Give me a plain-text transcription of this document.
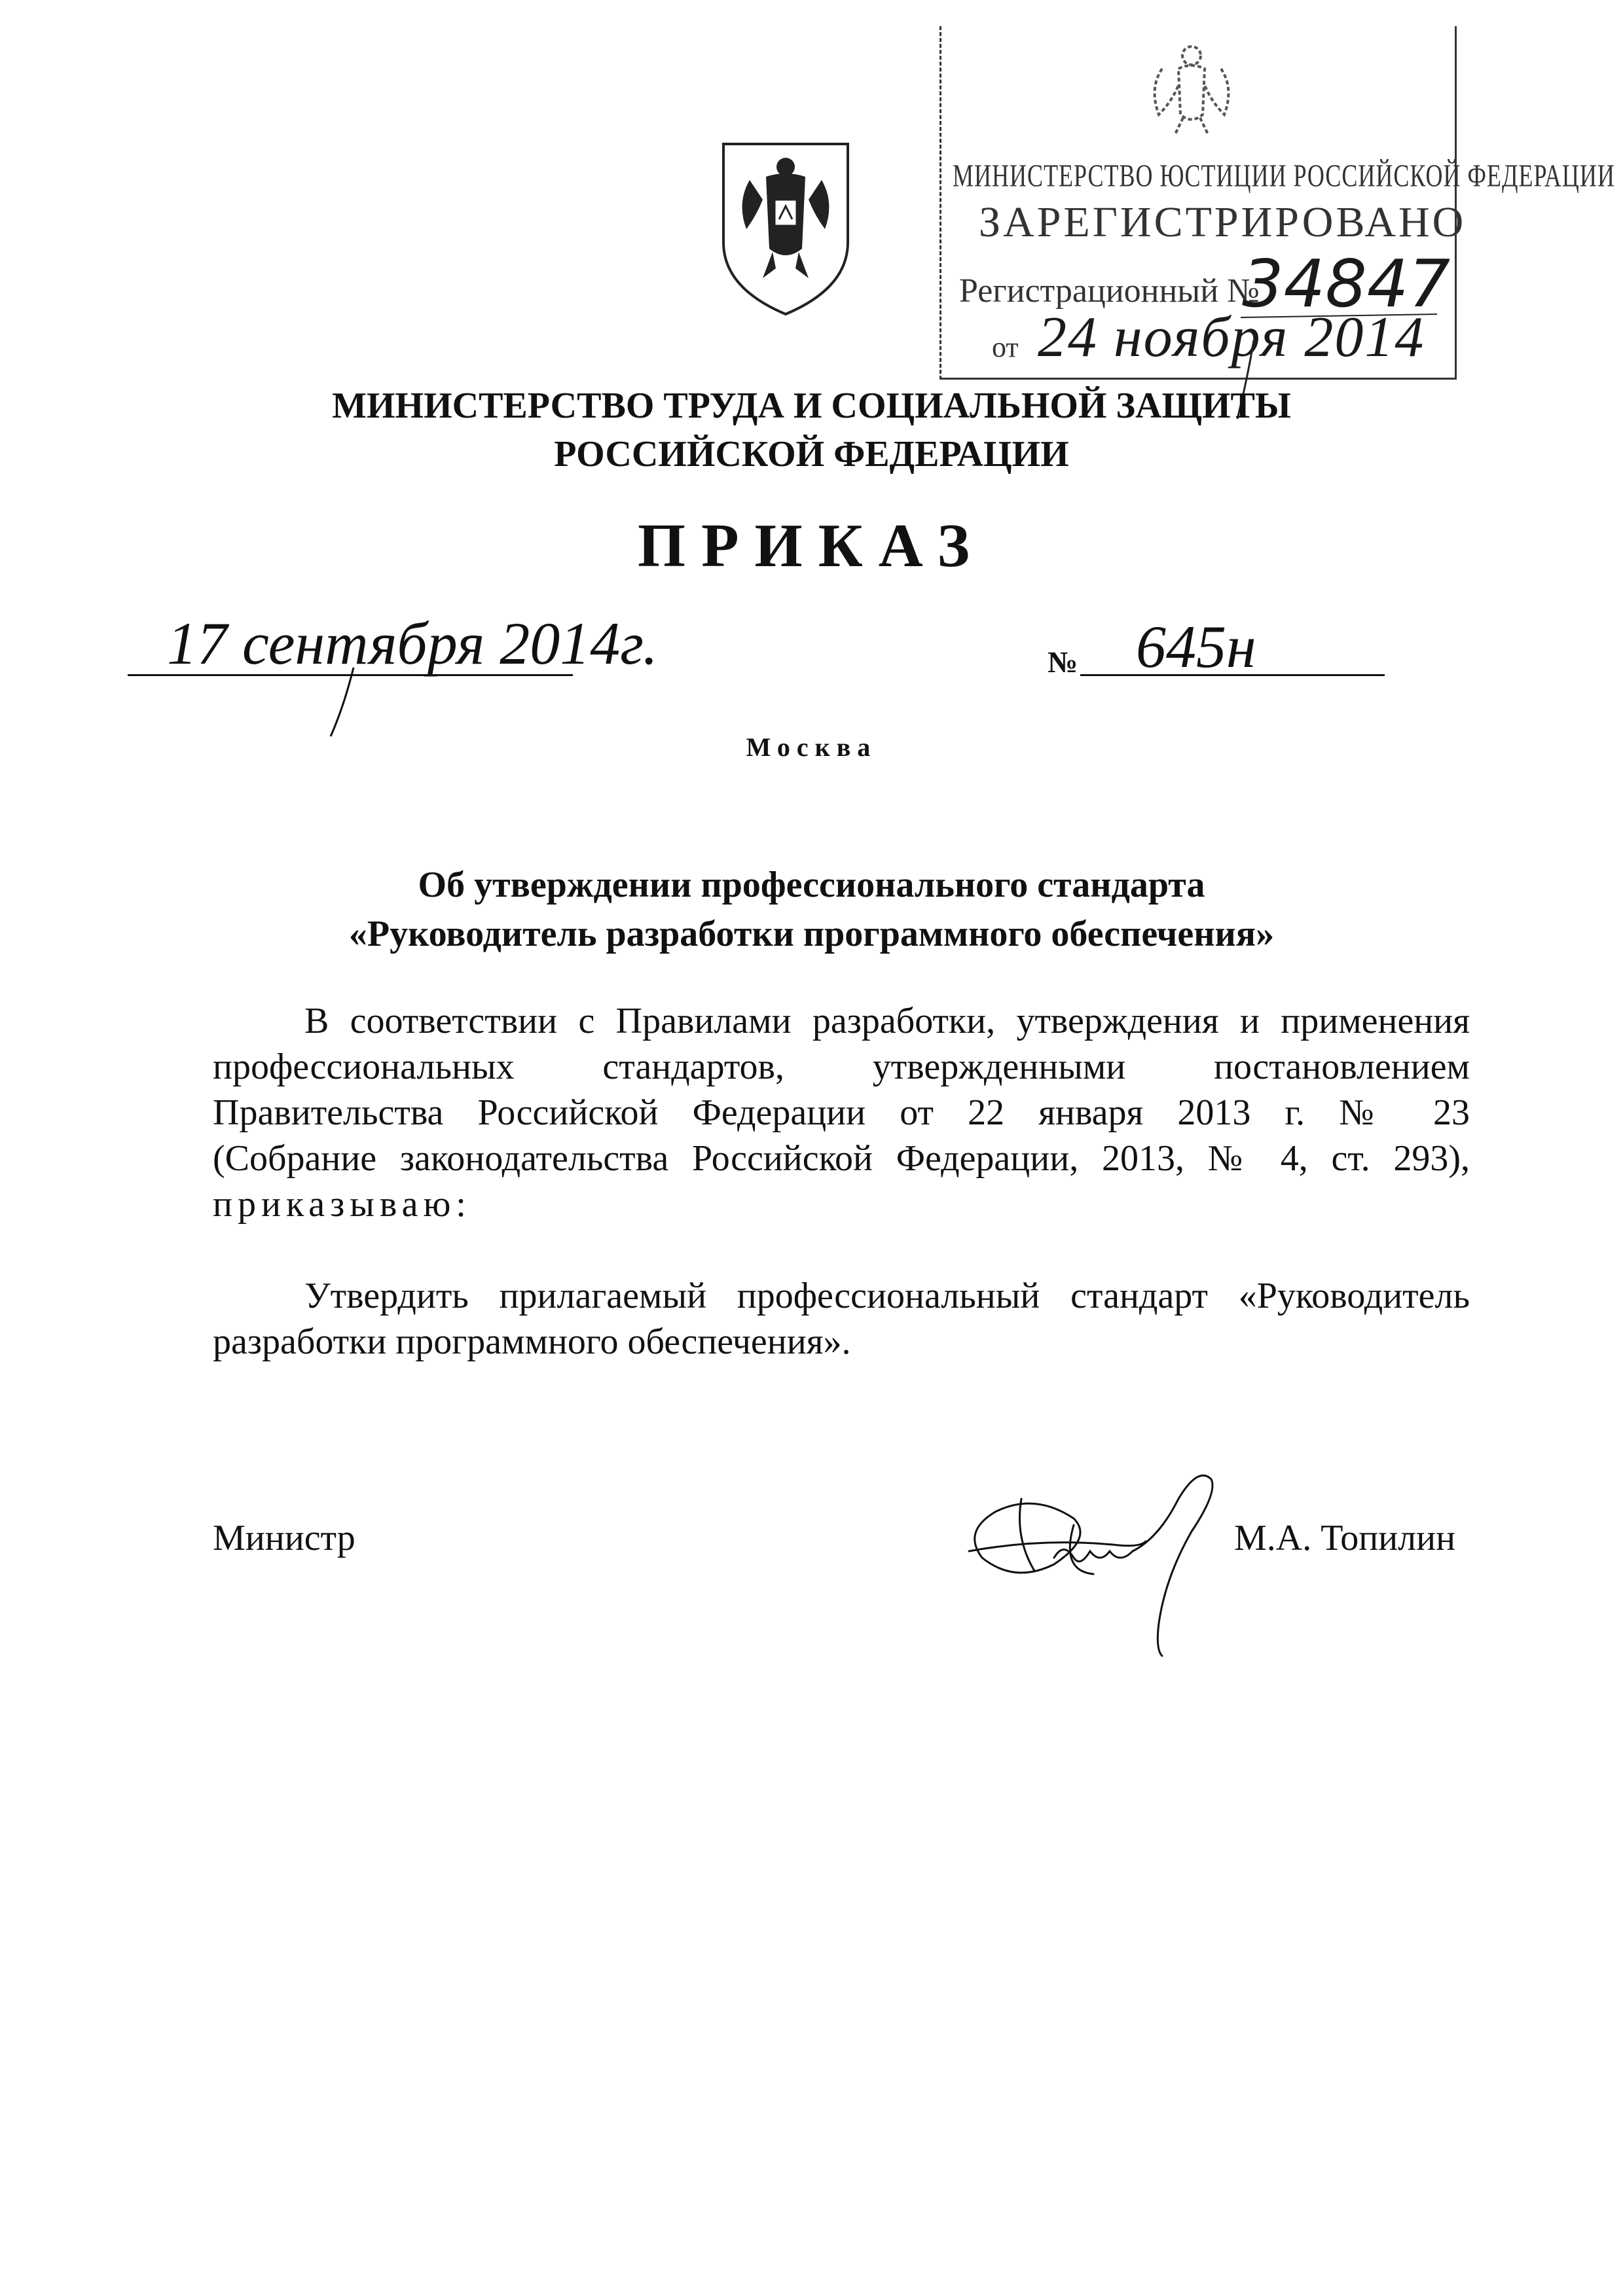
МИНИСТЕРСТВО ЮСТИЦИИ РОССИЙСКОЙ ФЕДЕРАЦИИ
ЗАРЕГИСТРИРОВАНО
Регистрационный №
34847
от 24 ноября 2014
МИНИСТЕРСТВО ТРУДА И СОЦИАЛЬНОЙ ЗАЩИТЫ
РОССИЙСКОЙ ФЕДЕРАЦИИ
ПРИКАЗ
17 сентября 2014г.	№ 645н
Москва
Об утверждении профессионального стандарта
«Руководитель разработки программного обеспечения»
В соответствии с Правилами разработки, утверждения и применения
профессиональных стандартов, утвержденными постановлением
Правительства Российской Федерации от 22 января 2013 г. № 23
(Собрание законодательства Российской Федерации, 2013, № 4, ст. 293),
приказываю:
Утвердить прилагаемый профессиональный стандарт «Руководитель
разработки программного обеспечения».
Министр	М.А. Топилин
